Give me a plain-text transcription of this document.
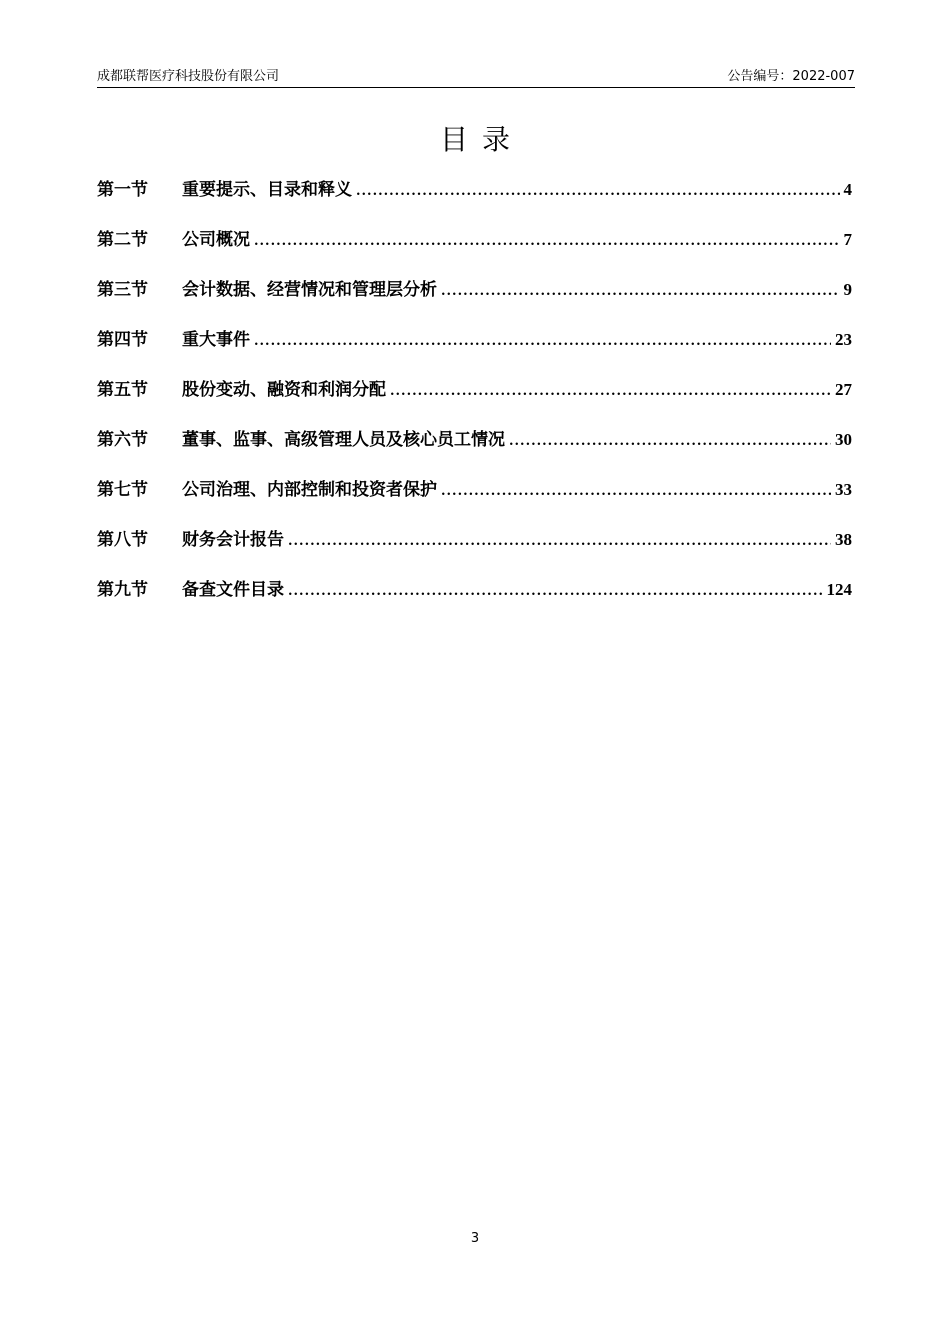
成都联帮医疗科技股份有限公司	公告编号：2022-007
目录
第一节	重要提示、目录和释义 .....	4
第二节	公司概况 .....	7
第三节	会计数据、经营情况和管理层分析 .....	9
第四节	重大事件 .....	23
第五节	股份变动、融资和利润分配 .....	27
第六节	董事、监事、高级管理人员及核心员工情况 .....	30
第七节	公司治理、内部控制和投资者保护 .....	33
第八节	财务会计报告 .....	38
第九节	备查文件目录 .....	124
3
